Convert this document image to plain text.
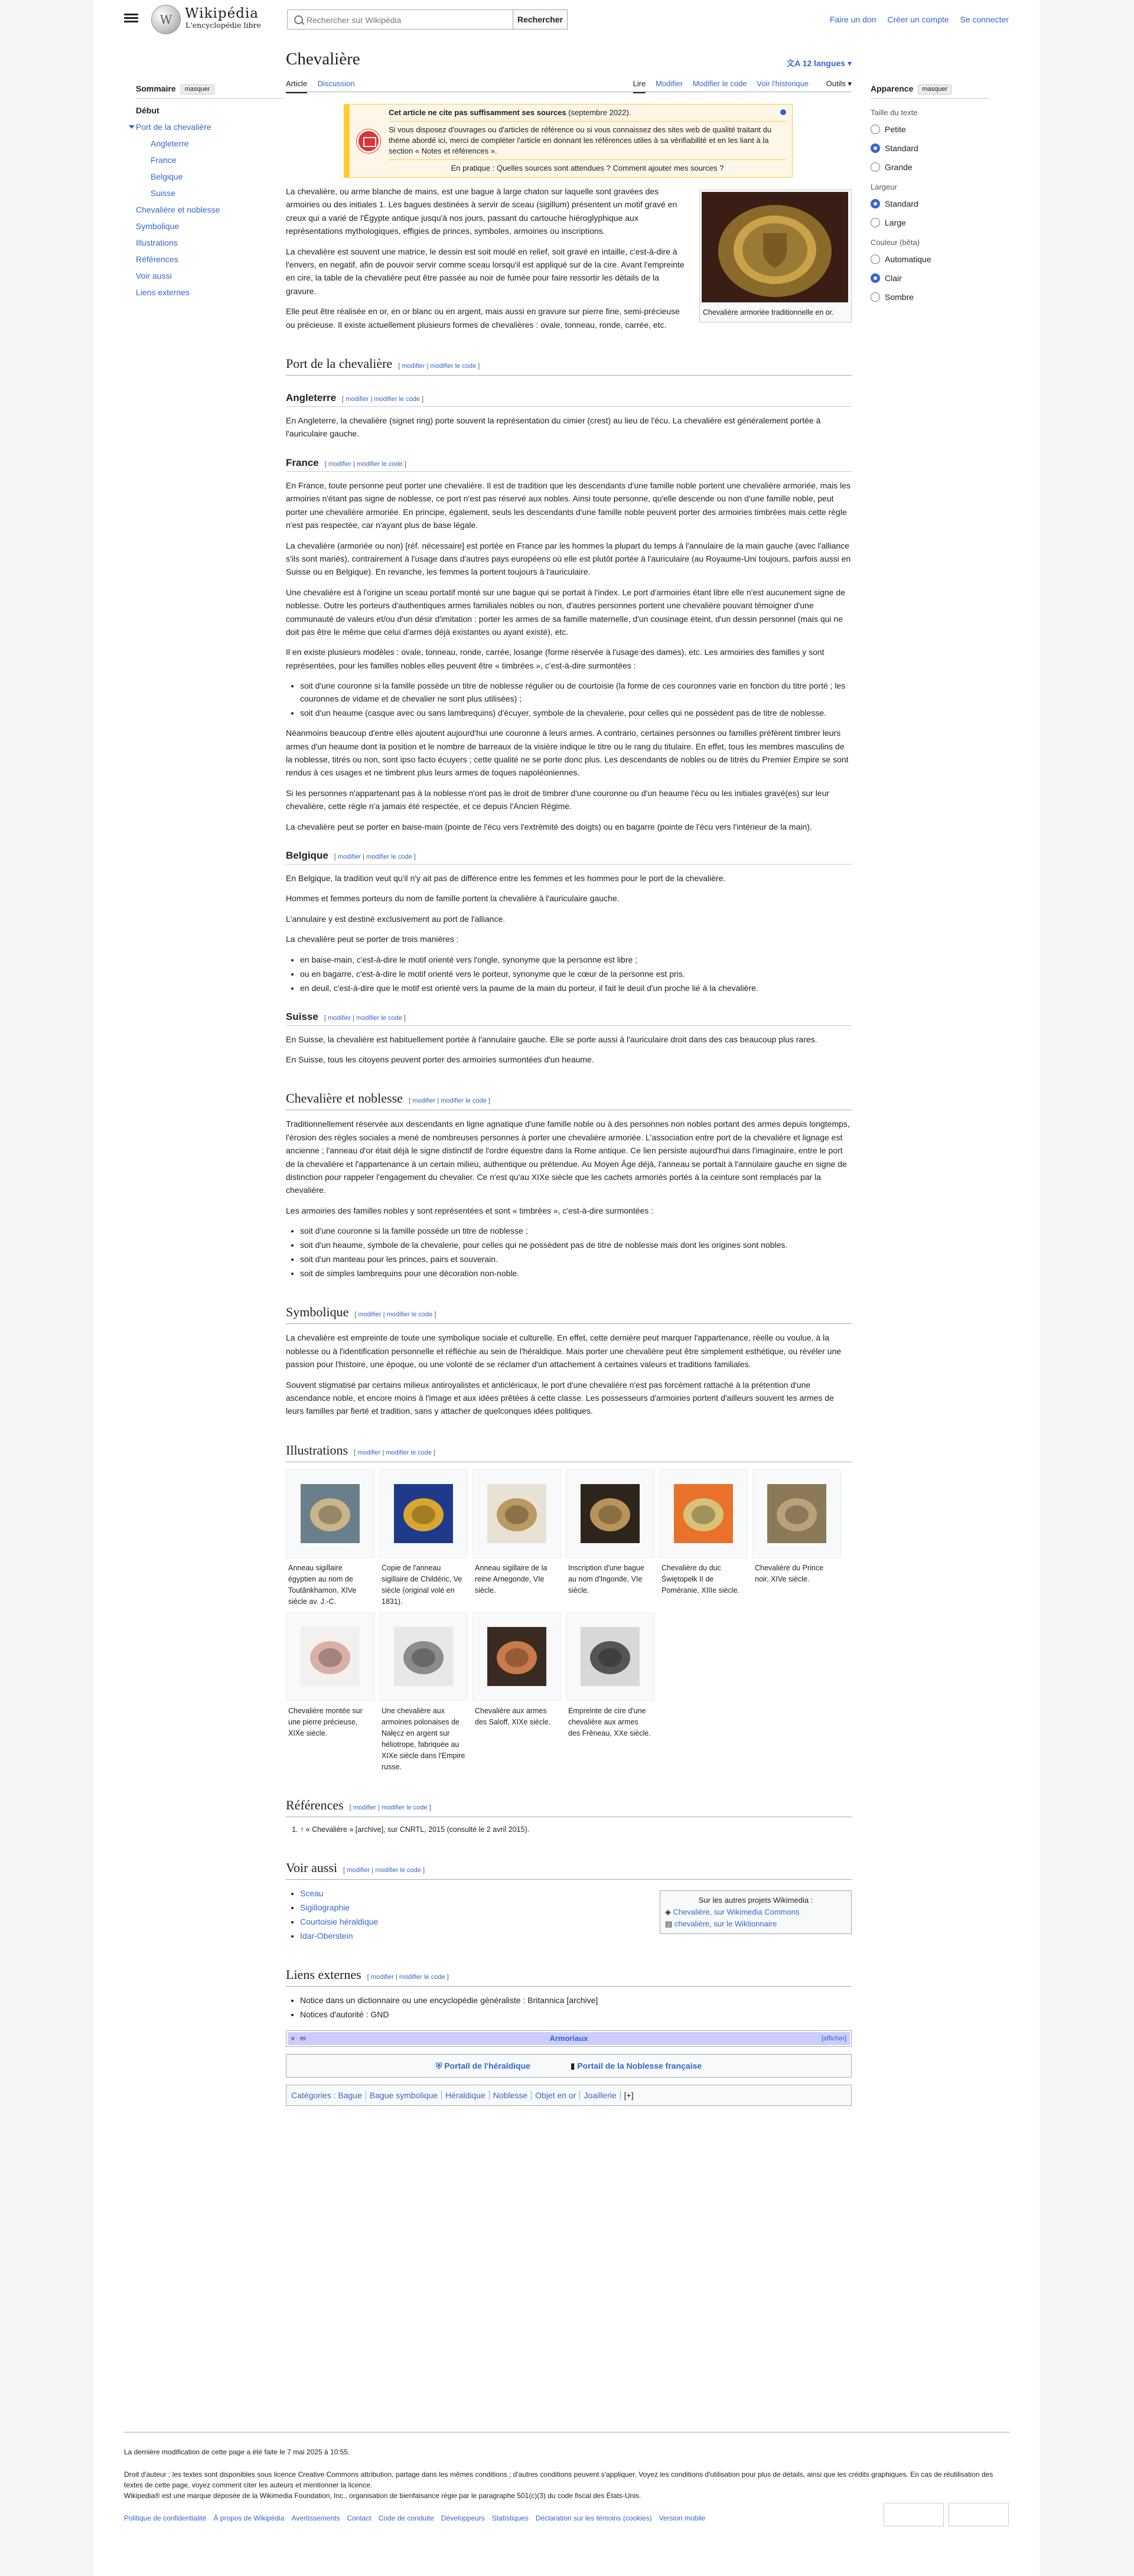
W Wikipédia
L'encyclopédie libre
Rechercher sur Wikipédia	Rechercher	Faire un don Créer un compte Se connecter
Sommaire masquer
Début
Port de la chevalière
Angleterre
France
Belgique
Suisse
Chevalière et noblesse
Symbolique
Illustrations
Références
Voir aussi
Liens externes
Chevalière	文A 12 langues ▾
Article Discussion	Lire Modifier Modifier le code Voir l'historique Outils ▾
Cet article ne cite pas suffisamment ses sources (septembre 2022).
Si vous disposez d'ouvrages ou d'articles de référence ou si vous connaissez des sites web de qualité traitant du thème abordé ici, merci de compléter l'article en donnant les références utiles à sa vérifiabilité et en les liant à la section « Notes et références ».
En pratique : Quelles sources sont attendues ? Comment ajouter mes sources ?
Chevalière armoriée traditionnelle en or.

La chevalière, ou arme blanche de mains, est une bague à large chaton sur laquelle sont gravées des armoiries ou des initiales 1. Les bagues destinées à servir de sceau (sigillum) présentent un motif gravé en creux qui a varié de l'Égypte antique jusqu'à nos jours, passant du cartouche hiéroglyphique aux représentations mythologiques, effigies de princes, symboles, armoiries ou inscriptions.

La chevalière est souvent une matrice, le dessin est soit moulé en relief, soit gravé en intaille, c'est-à-dire à l'envers, en negatif, afin de pouvoir servir comme sceau lorsqu'il est appliqué sur de la cire. Avant l'empreinte en cire, la table de la chevalière peut être passée au noir de fumée pour faire ressortir les détails de la gravure.

Elle peut être réalisée en or, en or blanc ou en argent, mais aussi en gravure sur pierre fine, semi-précieuse ou précieuse. Il existe actuellement plusieurs formes de chevalières : ovale, tonneau, ronde, carrée, etc.

Port de la chevalière [ modifier | modifier le code ]
Angleterre [ modifier | modifier le code ]

En Angleterre, la chevalière (signet ring) porte souvent la représentation du cimier (crest) au lieu de l'écu. La chevalière est généralement portée à l'auriculaire gauche.

France [ modifier | modifier le code ]

En France, toute personne peut porter une chevalière. Il est de tradition que les descendants d'une famille noble portent une chevalière armoriée, mais les armoiries n'étant pas signe de noblesse, ce port n'est pas réservé aux nobles. Ainsi toute personne, qu'elle descende ou non d'une famille noble, peut porter une chevalière armoriée. En principe, également, seuls les descendants d'une famille noble peuvent porter des armoiries timbrées mais cette règle n'est pas respectée, car n'ayant plus de base légale.

La chevalière (armoriée ou non) [réf. nécessaire] est portée en France par les hommes la plupart du temps à l'annulaire de la main gauche (avec l'alliance s'ils sont mariés), contrairement à l'usage dans d'autres pays européens où elle est plutôt portée à l'auriculaire (au Royaume-Uni toujours, parfois aussi en Suisse ou en Belgique). En revanche, les femmes la portent toujours à l'auriculaire.

Une chevalière est à l'origine un sceau portatif monté sur une bague qui se portait à l'index. Le port d'armoiries étant libre elle n'est aucunement signe de noblesse. Outre les porteurs d'authentiques armes familiales nobles ou non, d'autres personnes portent une chevalière pouvant témoigner d'une communauté de valeurs et/ou d'un désir d'imitation : porter les armes de sa famille maternelle, d'un cousinage éteint, d'un dessin personnel (mais qui ne doit pas être le même que celui d'armes déjà existantes ou ayant existé), etc.

Il en existe plusieurs modèles : ovale, tonneau, ronde, carrée, losange (forme réservée à l'usage des dames), etc. Les armoiries des familles y sont représentées, pour les familles nobles elles peuvent être « timbrées », c'est-à-dire surmontées :

• soit d'une couronne si la famille possède un titre de noblesse régulier ou de courtoisie (la forme de ces couronnes varie en fonction du titre porté ; les couronnes de vidame et de chevalier ne sont plus utilisées) ;
• soit d'un heaume (casque avec ou sans lambrequins) d'écuyer, symbole de la chevalerie, pour celles qui ne possèdent pas de titre de noblesse.

Néanmoins beaucoup d'entre elles ajoutent aujourd'hui une couronne à leurs armes. A contrario, certaines personnes ou familles préfèrent timbrer leurs armes d'un heaume dont la position et le nombre de barreaux de la visière indique le titre ou le rang du titulaire. En effet, tous les membres masculins de la noblesse, titrés ou non, sont ipso facto écuyers ; cette qualité ne se porte donc plus. Les descendants de nobles ou de titrés du Premier Empire se sont rendus à ces usages et ne timbrent plus leurs armes de toques napoléoniennes.

Si les personnes n'appartenant pas à la noblesse n'ont pas le droit de timbrer d'une couronne ou d'un heaume l'écu ou les initiales gravé(es) sur leur chevalière, cette règle n'a jamais été respectée, et ce depuis l'Ancien Régime.

La chevalière peut se porter en baise-main (pointe de l'écu vers l'extrémité des doigts) ou en bagarre (pointe de l'écu vers l'intérieur de la main).

Belgique [ modifier | modifier le code ]

En Belgique, la tradition veut qu'il n'y ait pas de différence entre les femmes et les hommes pour le port de la chevalière.

Hommes et femmes porteurs du nom de famille portent la chevalière à l'auriculaire gauche.

L'annulaire y est destiné exclusivement au port de l'alliance.

La chevalière peut se porter de trois manières :

• en baise-main, c'est-à-dire le motif orienté vers l'ongle, synonyme que la personne est libre ;
• ou en bagarre, c'est-à-dire le motif orienté vers le porteur, synonyme que le cœur de la personne est pris.
• en deuil, c'est-à-dire que le motif est orienté vers la paume de la main du porteur, il fait le deuil d'un proche lié à la chevalière.
Suisse [ modifier | modifier le code ]

En Suisse, la chevalière est habituellement portée à l'annulaire gauche. Elle se porte aussi à l'auriculaire droit dans des cas beaucoup plus rares.

En Suisse, tous les citoyens peuvent porter des armoiries surmontées d'un heaume.

Chevalière et noblesse [ modifier | modifier le code ]

Traditionnellement réservée aux descendants en ligne agnatique d'une famille noble ou à des personnes non nobles portant des armes depuis longtemps, l'érosion des règles sociales a mené de nombreuses personnes à porter une chevalière armoriée. L'association entre port de la chevalière et lignage est ancienne ; l'anneau d'or était déjà le signe distinctif de l'ordre équestre dans la Rome antique. Ce lien persiste aujourd'hui dans l'imaginaire, entre le port de la chevalière et l'appartenance à un certain milieu, authentique ou prétendue. Au Moyen Âge déjà, l'anneau se portait à l'annulaire gauche en signe de distinction pour rappeler l'engagement du chevalier. Ce n'est qu'au XIXe siècle que les cachets armoriés portés à la ceinture sont remplacés par la chevalière.

Les armoiries des familles nobles y sont représentées et sont « timbrées », c'est-à-dire surmontées :

• soit d'une couronne si la famille possède un titre de noblesse ;
• soit d'un heaume, symbole de la chevalerie, pour celles qui ne possèdent pas de titre de noblesse mais dont les origines sont nobles.
• soit d'un manteau pour les princes, pairs et souverain.
• soit de simples lambrequins pour une décoration non-noble.
Symbolique [ modifier | modifier le code ]

La chevalière est empreinte de toute une symbolique sociale et culturelle. En effet, cette dernière peut marquer l'appartenance, réelle ou voulue, à la noblesse ou à l'identification personnelle et réfléchie au sein de l'héraldique. Mais porter une chevalière peut être simplement esthétique, ou révéler une passion pour l'histoire, une époque, ou une volonté de se réclamer d'un attachement à certaines valeurs et traditions familiales.

Souvent stigmatisé par certains milieux antiroyalistes et anticléricaux, le port d'une chevalière n'est pas forcément rattaché à la prétention d'une ascendance noble, et encore moins à l'image et aux idées prêtées à cette classe. Les possesseurs d'armoiries portent d'ailleurs souvent les armes de leurs familles par fierté et tradition, sans y attacher de quelconques idées politiques.

Illustrations [ modifier | modifier le code ]
Anneau sigillaire égyptien au nom de Toutânkhamon, XIVe siècle av. J.-C.
Copie de l'anneau sigillaire de Childéric, Ve siècle (original volé en 1831).
Anneau sigillaire de la reine Arnegonde, VIe siècle.
Inscription d'une bague au nom d'Ingonde, VIe siècle.
Chevalière du duc Świętopełk II de Poméranie, XIIIe siècle.
Chevalière du Prince noir, XIVe siècle.
Chevalière montée sur une pierre précieuse, XIXe siècle.
Une chevalière aux armoiries polonaises de Nałęcz en argent sur héliotrope, fabriquée au XIXe siècle dans l'Empire russe.
Chevalière aux armes des Saloff, XIXe siècle.
Empreinte de cire d'une chevalière aux armes des Frêneau, XXe siècle.
Références [ modifier | modifier le code ]
1. ↑ « Chevalière » [archive], sur CNRTL, 2015 (consulté le 2 avril 2015).
Voir aussi [ modifier | modifier le code ]
Sur les autres projets Wikimedia :
◈ Chevalière, sur Wikimedia Commons
▤ chevalière, sur le Wiktionnaire
• Sceau
• Sigillographie
• Courtoisie héraldique
• Idar-Oberstein
Liens externes [ modifier | modifier le code ]
• Notice dans un dictionnaire ou une encyclopédie généraliste : Britannica [archive]
• Notices d'autorité : GND
v · m	Armoriaux	[afficher]
⛨ Portail de l'héraldique	▮ Portail de la Noblesse française
Catégories : Bague Bague symbolique Héraldique Noblesse Objet en or Joaillerie [+]
Apparence masquer
Taille du texte
Petite
Standard
Grande
Largeur
Standard
Large
Couleur (bêta)
Automatique
Clair
Sombre
La dernière modification de cette page a été faite le 7 mai 2025 à 10:55.
Droit d'auteur : les textes sont disponibles sous licence Creative Commons attribution, partage dans les mêmes conditions ; d'autres conditions peuvent s'appliquer. Voyez les conditions d'utilisation pour plus de détails, ainsi que les crédits graphiques. En cas de réutilisation des textes de cette page, voyez comment citer les auteurs et mentionner la licence.
Wikipedia® est une marque déposée de la Wikimedia Foundation, Inc., organisation de bienfaisance régie par le paragraphe 501(c)(3) du code fiscal des États-Unis.
Politique de confidentialité À propos de Wikipédia Avertissements Contact Code de conduite Développeurs Statistiques Déclaration sur les témoins (cookies) Version mobile
